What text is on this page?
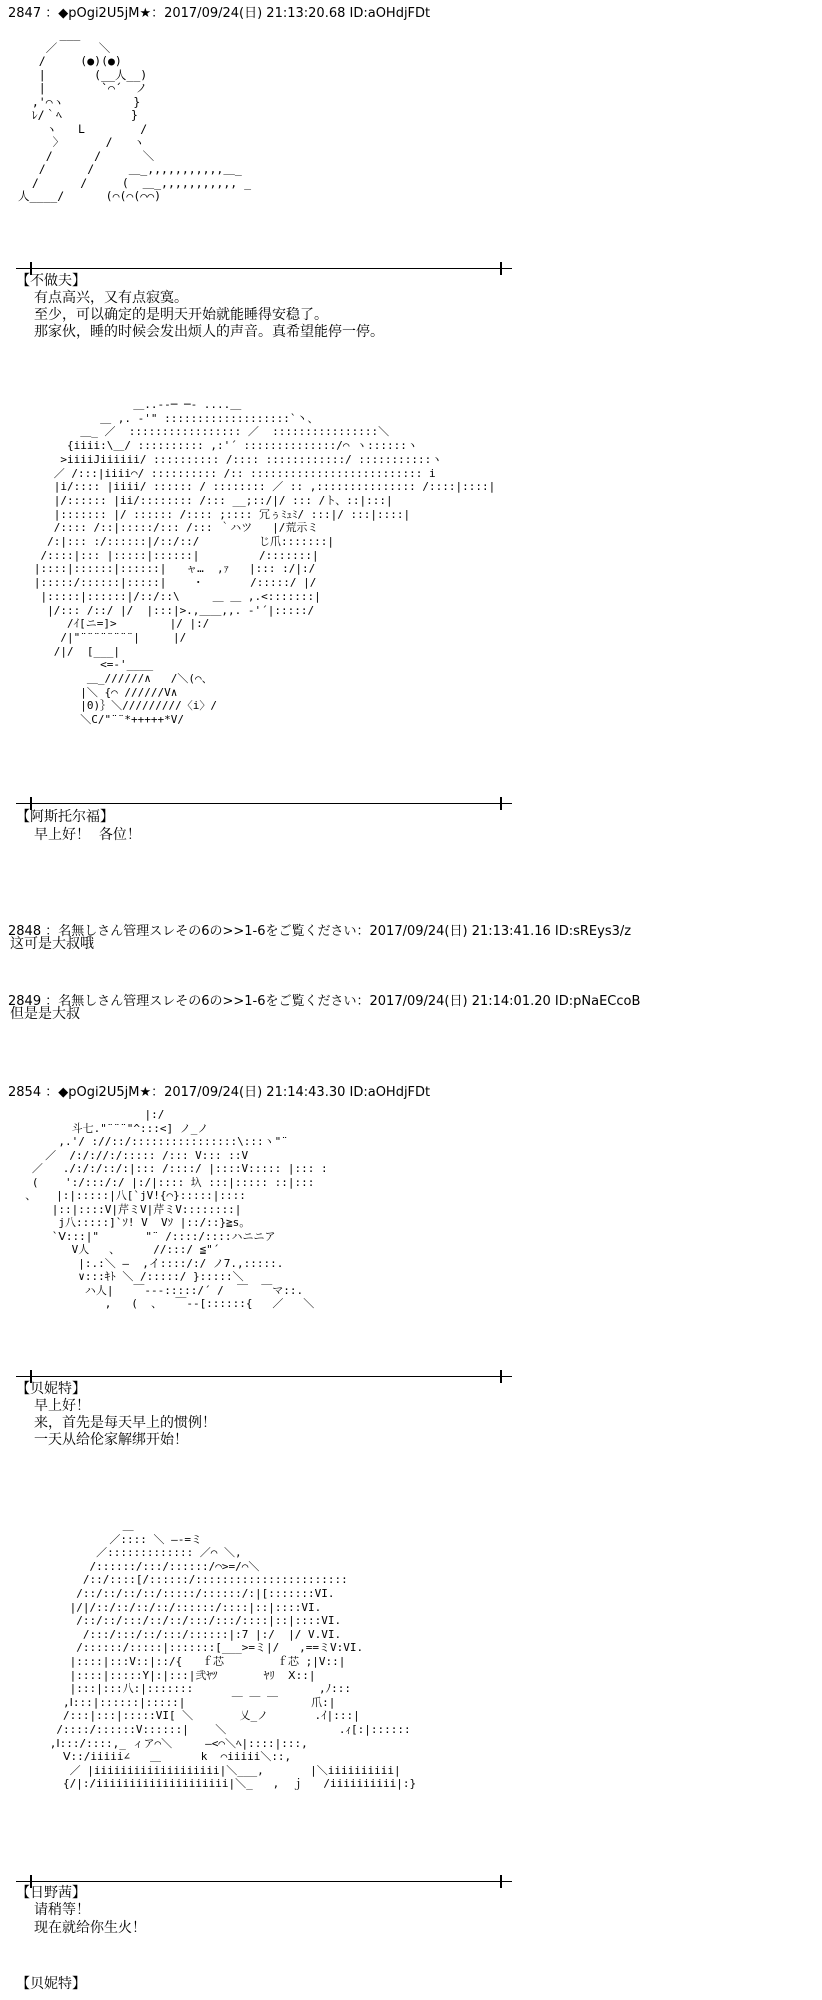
2847 ：◆pOgi2U5jM★：2017/09/24(日) 21:13:20.68 ID:aOHdjFDt
___
／      ＼
/     (●)(●)
|       (__人__)
|        `⌒´  ノ
,'⌒ヽ          }
ﾚ/｀ﾍ          }
ヽ   L        /
〉      /   ヽ
/      /      ＼
/      /     ＿_,,,,,,,,,,,＿_
/      /     (  ＿_,,,,,,,,,,, _
人____/      (⌒(⌒(⌒⌒)
【不做夫】
有点高兴，又有点寂寞。
至少，可以确定的是明天开始就能睡得安稳了。
那家伙，睡的时候会发出烦人的声音。真希望能停一停。
＿..--─ ─- ....＿
＿ ,. -'" :::::::::::::::::::`丶、
＿_ ／  ::::::::::::::::: ／  ::::::::::::::::＼
{iiii:\＿/ :::::::::: ,:'´ ::::::::::::::/⌒ ヽ::::::ヽ
>iiiiJiiiiii/ :::::::::: /:::: ::::::::::::/ :::::::::::ヽ
／ /:::|iiii⌒/ :::::::::: /:: :::::::::::::::::::::::::: i
|i/:::: |iiii/ :::::: / :::::::: ／ :: ,::::::::::::::: /::::|::::|
|/:::::: |ii/:::::::: /::: __;::/|/ ::: /ト、::|:::|
|::::::: |/ :::::: /:::: ;:::: 冗ぅﾐｭﾐ/ :::|/ :::|::::|
/:::: /::|:::::/::: /::: ｀ハツ   |/荒示ミ
/:|::: :/::::::|/::/::/         じ爪:::::::|
/::::|::: |:::::|::::::|         /:::::::|
|::::|::::::|::::::|   ャ…  ,ｧ   |::: :/|:/
|:::::/::::::|:::::|    ・       /:::::/ |/
|:::::|::::::|/::/::\     ＿ ＿ ,.<:::::::|
|/::: /::/ |/  |:::|>.,＿＿,,. -'´|:::::/
/ｲ[ニ=]>        |/ |:/
/|"¨¨¨¨¨¨¨¨|     |/
/|/  [___|
<=-'____
＿_//////∧   /＼(⌒、
|＼ {⌒ //////V∧
|0)｝＼/////////〈i〉/
＼C/"¨¨*+++++*V/
【阿斯托尔福】
早上好！  各位！
2848 ：名無しさん管理スレその6の>>1-6をご覧ください：2017/09/24(日) 21:13:41.16 ID:sREys3/z
这可是大叔哦
2849 ：名無しさん管理スレその6の>>1-6をご覧ください：2017/09/24(日) 21:14:01.20 ID:pNaECcoB
但是是大叔
2854 ：◆pOgi2U5jM★：2017/09/24(日) 21:14:43.30 ID:aOHdjFDt
|:/
斗七."¨¨¨"^:::<] ノ_ノ
,.'/ ://::/::::::::::::::::\:::ヽ"¨
／  /:/://:/::::: /::: V::: ::V
／   ./:/:/::/:|::: /::::/ |::::V::::: |::: :
(    ':/:::/:/ |:/|:::: 圦 :::|::::: ::|:::
、   |:|:::::|八[`jV!{⌒}:::::|::::
|::|::::V|芹ミV|芹ミV::::::::|
j八:::::]`ｿ! V  Vｿ |::/::}≧s。
`Ⅴ:::|"       "¨ /::::/::::ハニニア
V人   、     //:::/ ≦"´
|:.:＼ ―  ,イ::::/:/ ノ7.,:::::.
∨:::ｷﾄ ＼ /:::::/ }:::::＼
ハ人|   ￣---:::::/´ /  ￣  ￣マ::.
,   (  、  ￣--[::::::{   ／   ＼
【贝妮特】
早上好！
来，首先是每天早上的惯例！
一天从给伦家解绑开始！
＿
／:::: ＼ ―‐=ミ
／::::::::::::: ／⌒ ＼,
/::::::/:::/::::::/⌒>=/⌒＼
/::/::::[/::::::/:::::::::::::::::::::::
/::/::/::/::/:::::/::::::/:|[:::::::VI.
|/|/::/::/::/::/::::::/::::|::|::::VI.
/::/::/:::/::/::/:::/:::/::::|::|::::VI.
/:::/:::/::/:::/::::::|:7 |:/  |/ V.VI.
/::::::/:::::|:::::::[___>=ミ|/   ,==ミV:VI.
|::::|:::V::|::/{   ｆ芯        ｆ芯 ;|V::|
|::::|:::::Y|:|:::|弐ﾔﾂ       ﾔﾘ  Ⅹ::|
|:::|:::八:|:::::::                   ,ﾉ:::
,Ⅰ:::|::::::|:::::|       ￣ ￣ ￣     爪:|
/:::|:::|:::::VI[ ＼       乂_ノ       .ｲ|:::|
/::::/::::::V::::::|    ＼                 .ｨ[:|::::::
,Ⅰ:::/::::,_ ィア⌒＼     ―<⌒＼ﾍ|::::|:::,
Ⅴ::/iiiii∠   ＿      k  ⌒iiiii＼::,
／ |iiiiiiiiiiiiiiiiiii|＼___,       |＼iiiiiiiiii|
{/|:/iiiiiiiiiiiiiiiiiiii|＼_   ,  ｊ   /iiiiiiiiii|:}
【日野茜】
请稍等！
现在就给你生火！
【贝妮特】
